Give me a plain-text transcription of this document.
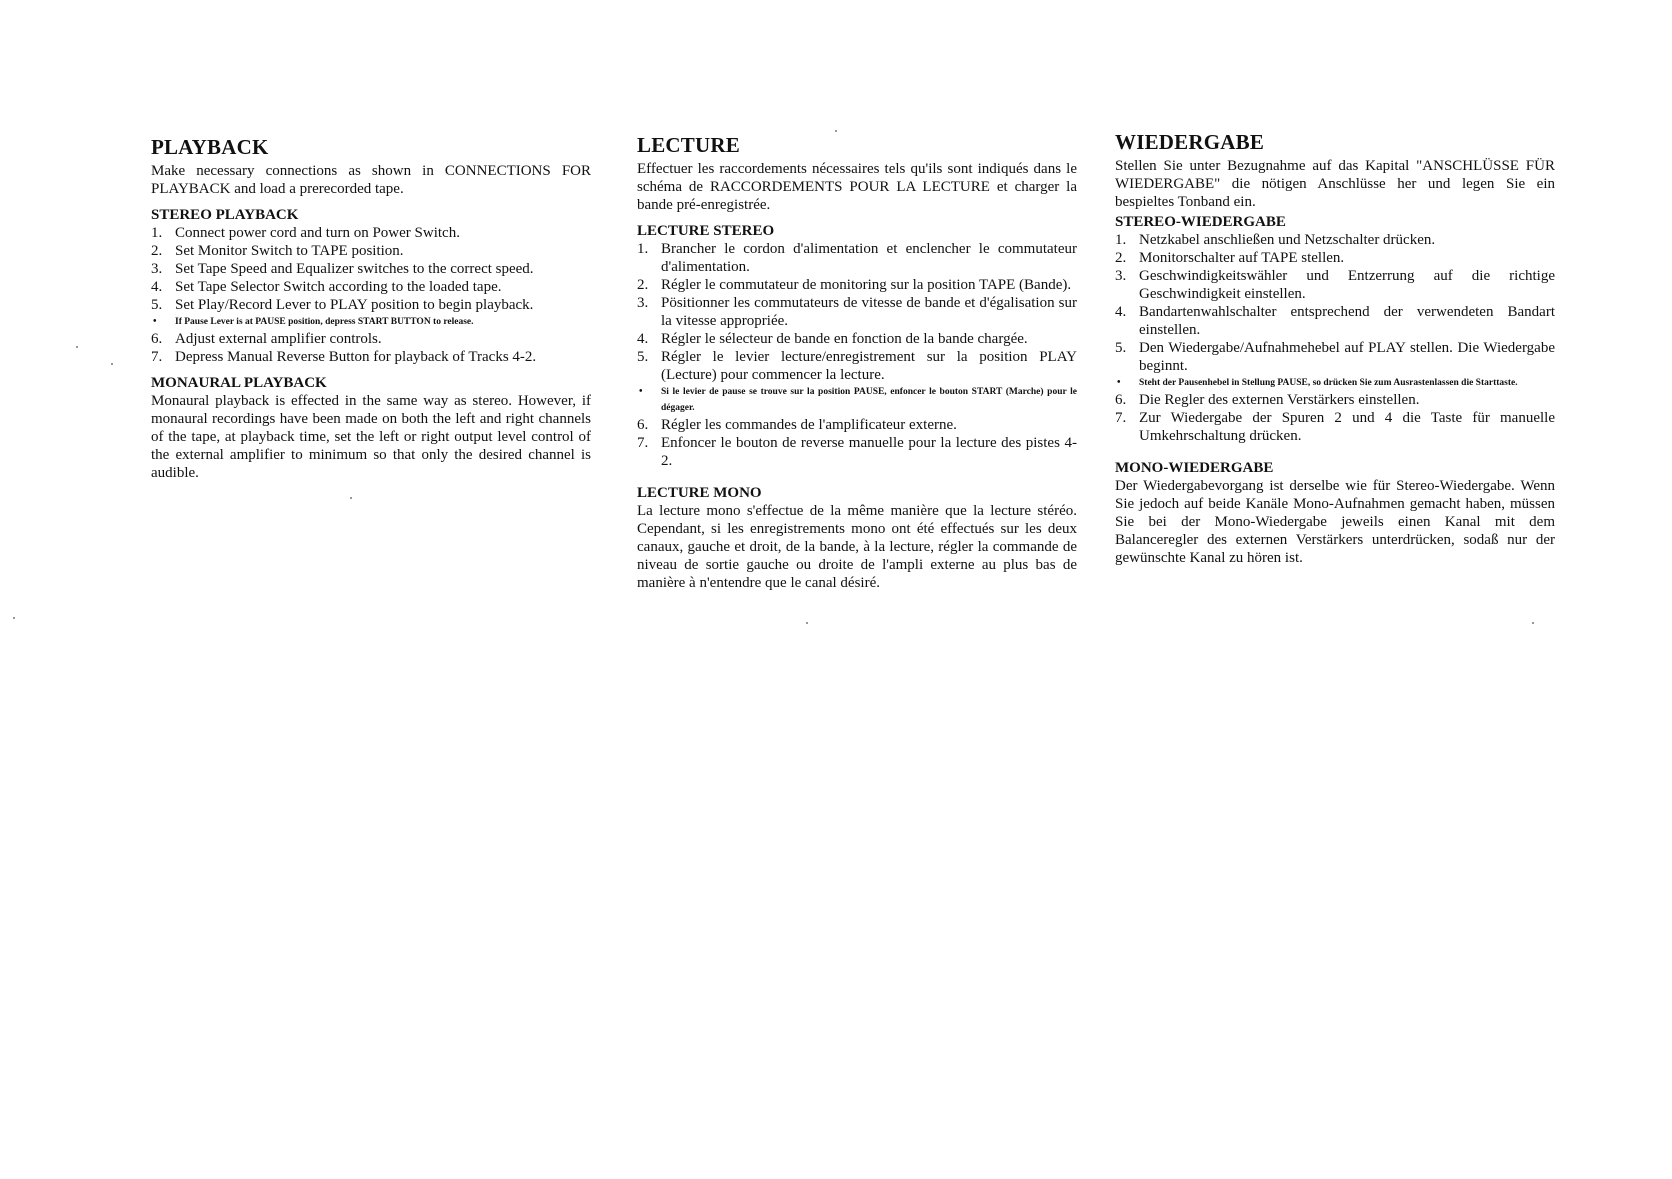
PLAYBACK

Make necessary connections as shown in CONNECTIONS FOR PLAYBACK and load a prerecorded tape.

STEREO PLAYBACK
1. Connect power cord and turn on Power Switch.
2. Set Monitor Switch to TAPE position.
3. Set Tape Speed and Equalizer switches to the correct speed.
4. Set Tape Selector Switch according to the loaded tape.
5. Set Play/Record Lever to PLAY position to begin playback.
• If Pause Lever is at PAUSE position, depress START BUTTON to release.
6. Adjust external amplifier controls.
7. Depress Manual Reverse Button for playback of Tracks 4-2.
MONAURAL PLAYBACK

Monaural playback is effected in the same way as stereo. However, if monaural recordings have been made on both the left and right channels of the tape, at playback time, set the left or right output level control of the external amplifier to minimum so that only the desired channel is audible.

LECTURE

Effectuer les raccordements nécessaires tels qu'ils sont indiqués dans le schéma de RACCORDEMENTS POUR LA LECTURE et charger la bande pré-enregistrée.

LECTURE STEREO
1. Brancher le cordon d'alimentation et enclencher le commutateur d'alimentation.
2. Régler le commutateur de monitoring sur la position TAPE (Bande).
3. Pösitionner les commutateurs de vitesse de bande et d'égalisation sur la vitesse appropriée.
4. Régler le sélecteur de bande en fonction de la bande chargée.
5. Régler le levier lecture/enregistrement sur la position PLAY (Lecture) pour commencer la lecture.
• Si le levier de pause se trouve sur la position PAUSE, enfoncer le bouton START (Marche) pour le dégager.
6. Régler les commandes de l'amplificateur externe.
7. Enfoncer le bouton de reverse manuelle pour la lecture des pistes 4-2.
LECTURE MONO

La lecture mono s'effectue de la même manière que la lecture stéréo. Cependant, si les enregistrements mono ont été effectués sur les deux canaux, gauche et droit, de la bande, à la lecture, régler la commande de niveau de sortie gauche ou droite de l'ampli externe au plus bas de manière à n'entendre que le canal désiré.

WIEDERGABE

Stellen Sie unter Bezugnahme auf das Kapital "ANSCHLÜSSE FÜR WIEDERGABE" die nötigen Anschlüsse her und legen Sie ein bespieltes Tonband ein.

STEREO-WIEDERGABE
1. Netzkabel anschließen und Netzschalter drücken.
2. Monitorschalter auf TAPE stellen.
3. Geschwindigkeitswähler und Entzerrung auf die richtige Geschwindigkeit einstellen.
4. Bandartenwahlschalter entsprechend der verwendeten Bandart einstellen.
5. Den Wiedergabe/Aufnahmehebel auf PLAY stellen. Die Wiedergabe beginnt.
• Steht der Pausenhebel in Stellung PAUSE, so drücken Sie zum Ausrastenlassen die Starttaste.
6. Die Regler des externen Verstärkers einstellen.
7. Zur Wiedergabe der Spuren 2 und 4 die Taste für manuelle Umkehrschaltung drücken.
MONO-WIEDERGABE

Der Wiedergabevorgang ist derselbe wie für Stereo-Wiedergabe. Wenn Sie jedoch auf beide Kanäle Mono-Aufnahmen gemacht haben, müssen Sie bei der Mono-Wiedergabe jeweils einen Kanal mit dem Balanceregler des externen Verstärkers unterdrücken, sodaß nur der gewünschte Kanal zu hören ist.
